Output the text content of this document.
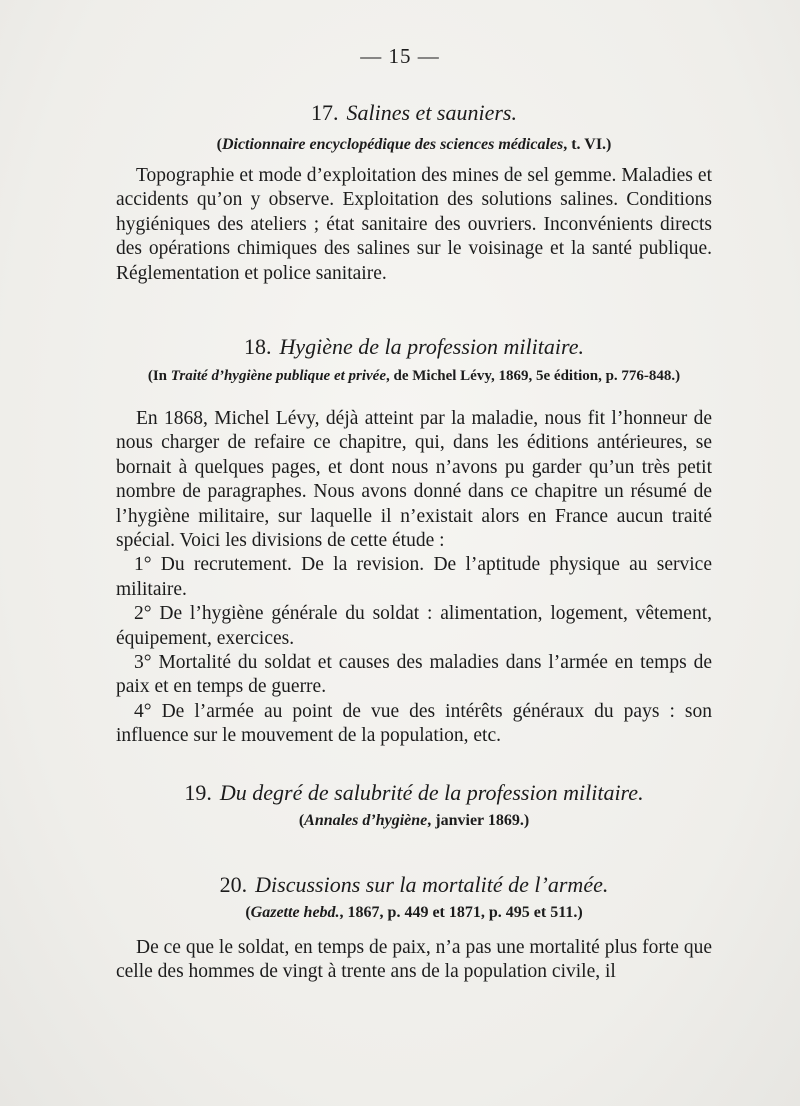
— 15 —

17. Salines et sauniers.

(Dictionnaire encyclopédique des sciences médicales, t. VI.)

Topographie et mode d’exploitation des mines de sel gemme. Maladies et accidents qu’on y observe. Exploitation des solutions salines. Conditions hygiéniques des ateliers ; état sanitaire des ouvriers. Inconvénients directs des opérations chimiques des salines sur le voisinage et la santé publique. Réglementation et police sanitaire.

18. Hygiène de la profession militaire.

(In Traité d’hygiène publique et privée, de Michel Lévy, 1869, 5e édition, p. 776-848.)

En 1868, Michel Lévy, déjà atteint par la maladie, nous fit l’honneur de nous charger de refaire ce chapitre, qui, dans les éditions antérieures, se bornait à quelques pages, et dont nous n’avons pu garder qu’un très petit nombre de paragraphes. Nous avons donné dans ce chapitre un résumé de l’hygiène militaire, sur laquelle il n’existait alors en France aucun traité spécial. Voici les divisions de cette étude :

1° Du recrutement. De la revision. De l’aptitude physique au service militaire.

2° De l’hygiène générale du soldat : alimentation, logement, vêtement, équipement, exercices.

3° Mortalité du soldat et causes des maladies dans l’armée en temps de paix et en temps de guerre.

4° De l’armée au point de vue des intérêts généraux du pays : son influence sur le mouvement de la population, etc.

19. Du degré de salubrité de la profession militaire.

(Annales d’hygiène, janvier 1869.)

20. Discussions sur la mortalité de l’armée.

(Gazette hebd., 1867, p. 449 et 1871, p. 495 et 511.)

De ce que le soldat, en temps de paix, n’a pas une mortalité plus forte que celle des hommes de vingt à trente ans de la population civile, il
